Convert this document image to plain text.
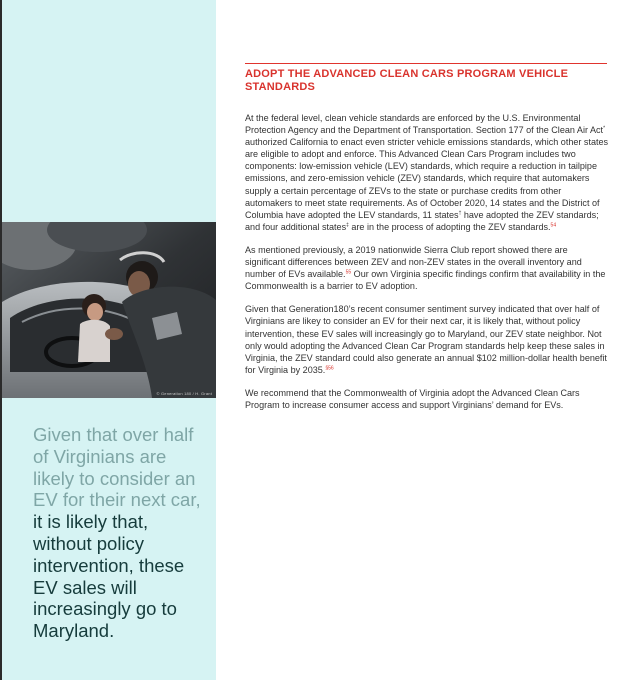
© Generation 180 / H. Grant
Given that over half of Virginians are likely to consider an EV for their next car, it is likely that, without policy intervention, these EV sales will increasingly go to Maryland.
ADOPT THE ADVANCED CLEAN CARS PROGRAM VEHICLE STANDARDS

At the federal level, clean vehicle standards are enforced by the U.S. Environmental Protection Agency and the Department of Transportation. Section 177 of the Clean Air Act* authorized California to enact even stricter vehicle emissions standards, which other states are eligible to adopt and enforce. This Advanced Clean Cars Program includes two components: low-emission vehicle (LEV) standards, which require a reduction in tailpipe emissions, and zero-emission vehicle (ZEV) standards, which require that automakers supply a certain percentage of ZEVs to the state or purchase credits from other automakers to meet state requirements. As of October 2020, 14 states and the District of Columbia have adopted the LEV standards, 11 states† have adopted the ZEV standards; and four additional states‡ are in the process of adopting the ZEV standards.$^{54}$

As mentioned previously, a 2019 nationwide Sierra Club report showed there are significant differences between ZEV and non-ZEV states in the overall inventory and number of EVs available.$^{55}$ Our own Virginia specific findings confirm that availability in the Commonwealth is a barrier to EV adoption.

Given that Generation180’s recent consumer sentiment survey indicated that over half of Virginians are likey to consider an EV for their next car, it is likely that, without policy intervention, these EV sales will increasingly go to Maryland, our ZEV state neighbor. Not only would adopting the Advanced Clean Car Program standards help keep these sales in Virginia, the ZEV standard could also generate an annual $102 million-dollar health benefit for Virginia by 2035.$^{\S 56}$

We recommend that the Commonwealth of Virginia adopt the Advanced Clean Cars Program to increase consumer access and support Virginians’ demand for EVs.
